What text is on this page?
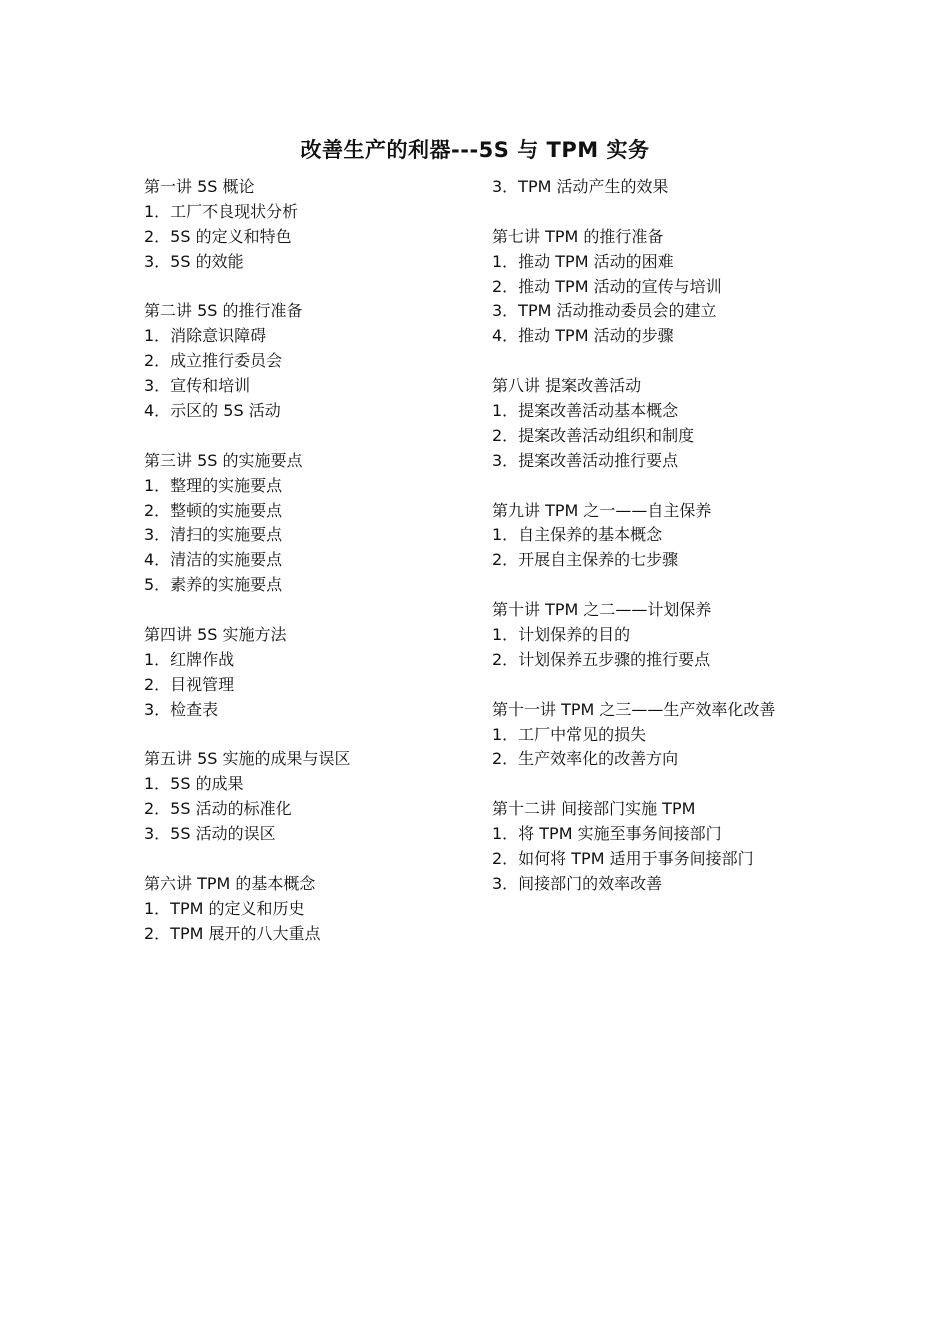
改善生产的利器---5S 与 TPM 实务
第一讲 5S 概论
1．工厂不良现状分析
2．5S 的定义和特色
3．5S 的效能
第二讲 5S 的推行准备
1．消除意识障碍
2．成立推行委员会
3．宣传和培训
4．示区的 5S 活动
第三讲 5S 的实施要点
1．整理的实施要点
2．整顿的实施要点
3．清扫的实施要点
4．清洁的实施要点
5．素养的实施要点
第四讲 5S 实施方法
1．红牌作战
2．目视管理
3．检查表
第五讲 5S 实施的成果与误区
1．5S 的成果
2．5S 活动的标准化
3．5S 活动的误区
第六讲 TPM 的基本概念
1．TPM 的定义和历史
2．TPM 展开的八大重点
3．TPM 活动产生的效果
第七讲 TPM 的推行准备
1．推动 TPM 活动的困难
2．推动 TPM 活动的宣传与培训
3．TPM 活动推动委员会的建立
4．推动 TPM 活动的步骤
第八讲 提案改善活动
1．提案改善活动基本概念
2．提案改善活动组织和制度
3．提案改善活动推行要点
第九讲 TPM 之一——自主保养
1．自主保养的基本概念
2．开展自主保养的七步骤
第十讲 TPM 之二——计划保养
1．计划保养的目的
2．计划保养五步骤的推行要点
第十一讲 TPM 之三——生产效率化改善
1．工厂中常见的损失
2．生产效率化的改善方向
第十二讲 间接部门实施 TPM
1．将 TPM 实施至事务间接部门
2．如何将 TPM 适用于事务间接部门
3．间接部门的效率改善
